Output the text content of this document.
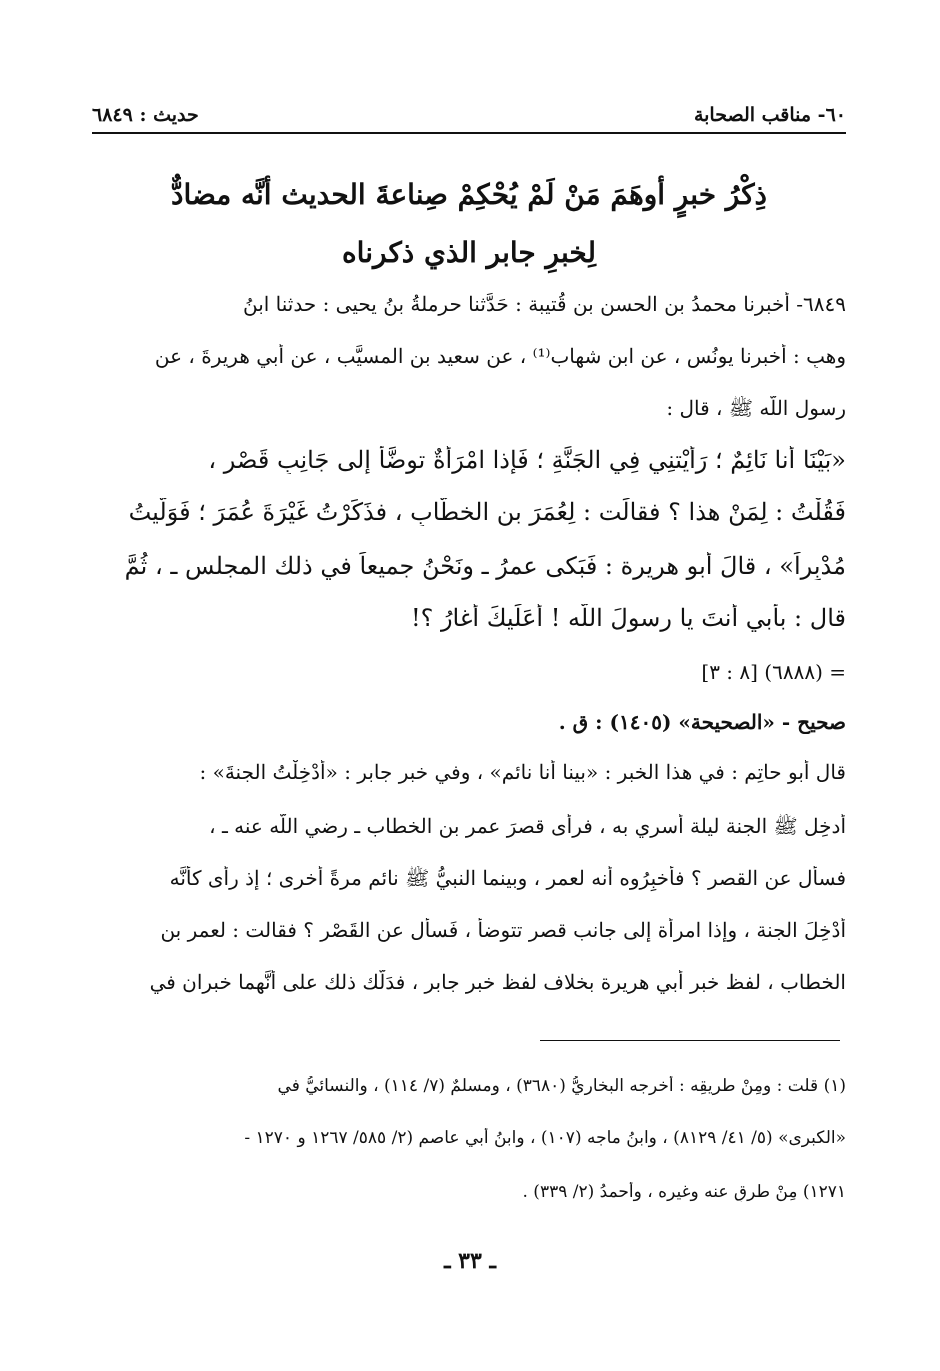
٦٠- مناقب الصحابة
حديث : ٦٨٤٩
ذِكْرُ خبرٍ أوهَمَ مَنْ لَمْ يُحْكِمْ صِناعةَ الحديث أنَّه مضادٌّ
لِخبرِ جابر الذي ذكرناه
٦٨٤٩- أخبرنا محمدُ بن الحسن بنِ قُتيبة : حَدَّثنا حرملةُ بنُ يحيى : حدثنا ابنُ
وهبٍ : أخبرنا يونُس ، عن ابنِ شهاب⁽¹⁾ ، عن سعيد بن المسيَّب ، عن أبي هريرةَ ، عن
رسول اللّه ﷺ ، قال :
«بَيْنَا أنا نَائِمٌ ؛ رَأَيْتنِي فِي الجَنَّةِ ؛ فَإِذا امْرَأَةٌ توضَّأُ إلى جَانِبِ قَصْرٍ ،
فَقُلْتُ : لِمَنْ هذا ؟ فقالَت : لِعُمَرَ بنِ الخطَّابِ ، فذَكَرْتُ غَيْرَةَ عُمَرَ ؛ فَوَلَّيتُ
مُدْبِراً» ، قالَ أبو هريرة : فَبَكى عمرُ ـ ونَحْنُ جميعاً في ذلك المجلسِ ـ ، ثُمَّ
قال : بأبي أنتَ يا رسولَ اللّه ! أَعَلَيكَ أغارُ ؟!
= (٦٨٨٨) [٨ : ٣]
صحيح - «الصحيحة» (١٤٠٥) : ق .
قال أبو حاتِم : في هذا الخبر : «بينا أنا نائم» ، وفي خبر جابر : «أدْخِلْتُ الجنةَ» :
أُدخِل ﷺ الجنة ليلة أُسري به ، فرأى قصرَ عمر بن الخطاب ـ رضي اللّه عنه ـ ،
فسأل عن القصر ؟ فأُخبِرُوه أنه لعمر ، وبينما النبيُّ ﷺ نائم مرةً أخرى ؛ إذ رأى كأنَّه
أُدْخِلَ الجنة ، وإذا امرأة إلى جانب قصر تتوضأ ، فَسأل عن القَصْر ؟ فقالت : لعمر بن
الخطاب ، لفظ خبرِ أبي هريرة بخلاف لفظ خبرِ جابر ، فدَلَّك ذلك على أنَّهما خبران في
(١) قلت : ومِنْ طريقِه : أخرجه البخاريُّ (٣٦٨٠) ، ومسلمٌ (٧/ ١١٤) ، والنسائيُّ في
«الكبرى» (٥/ ٤١/ ٨١٢٩) ، وابنُ ماجه (١٠٧) ، وابنُ أبي عاصم (٢/ ٥٨٥/ ١٢٦٧ و ١٢٧٠ -
١٢٧١) مِنْ طرقٍ عنه وغيره ، وأحمدُ (٢/ ٣٣٩) .
ـ ٣٣ ـ
